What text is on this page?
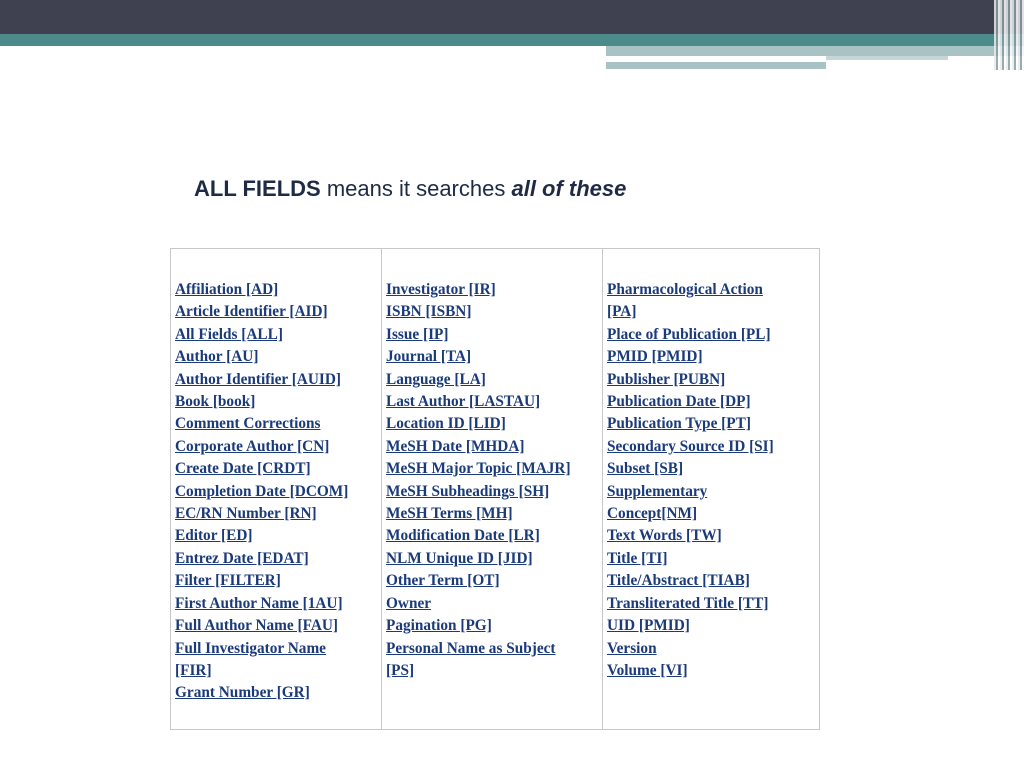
ALL FIELDS means it searches all of these
Affiliation [AD]
Article Identifier [AID]
All Fields [ALL]
Author [AU]
Author Identifier [AUID]
Book [book]
Comment Corrections
Corporate Author [CN]
Create Date [CRDT]
Completion Date [DCOM]
EC/RN Number [RN]
Editor [ED]
Entrez Date [EDAT]
Filter [FILTER]
First Author Name [1AU]
Full Author Name [FAU]
Full Investigator Name
[FIR]
Grant Number [GR]
Investigator [IR]
ISBN [ISBN]
Issue [IP]
Journal [TA]
Language [LA]
Last Author [LASTAU]
Location ID [LID]
MeSH Date [MHDA]
MeSH Major Topic [MAJR]
MeSH Subheadings [SH]
MeSH Terms [MH]
Modification Date [LR]
NLM Unique ID [JID]
Other Term [OT]
Owner
Pagination [PG]
Personal Name as Subject
[PS]
Pharmacological Action
[PA]
Place of Publication [PL]
PMID [PMID]
Publisher [PUBN]
Publication Date [DP]
Publication Type [PT]
Secondary Source ID [SI]
Subset [SB]
Supplementary
Concept[NM]
Text Words [TW]
Title [TI]
Title/Abstract [TIAB]
Transliterated Title [TT]
UID [PMID]
Version
Volume [VI]
